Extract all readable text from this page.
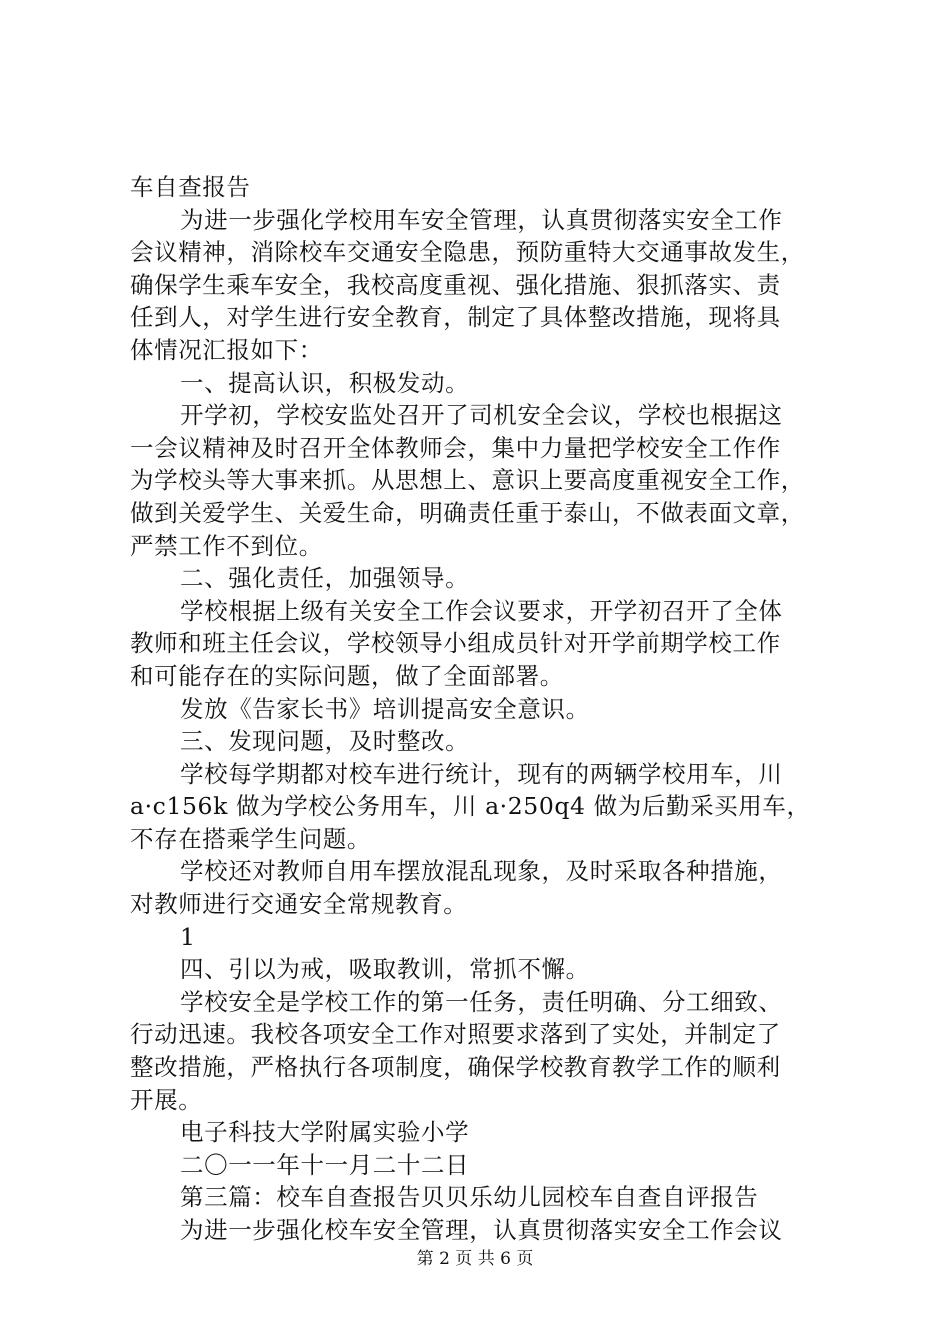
车自查报告
为进一步强化学校用车安全管理，认真贯彻落实安全工作
会议精神，消除校车交通安全隐患，预防重特大交通事故发生，
确保学生乘车安全，我校高度重视、强化措施、狠抓落实、责
任到人，对学生进行安全教育，制定了具体整改措施，现将具
体情况汇报如下：
一、提高认识，积极发动。
开学初，学校安监处召开了司机安全会议，学校也根据这
一会议精神及时召开全体教师会，集中力量把学校安全工作作
为学校头等大事来抓。从思想上、意识上要高度重视安全工作，
做到关爱学生、关爱生命，明确责任重于泰山，不做表面文章，
严禁工作不到位。
二、强化责任，加强领导。
学校根据上级有关安全工作会议要求，开学初召开了全体
教师和班主任会议，学校领导小组成员针对开学前期学校工作
和可能存在的实际问题，做了全面部署。
发放《告家长书》培训提高安全意识。
三、发现问题，及时整改。
学校每学期都对校车进行统计，现有的两辆学校用车，川
a·c156k 做为学校公务用车，川 a·250q4 做为后勤采买用车，
不存在搭乘学生问题。
学校还对教师自用车摆放混乱现象，及时采取各种措施，
对教师进行交通安全常规教育。
1
四、引以为戒，吸取教训，常抓不懈。
学校安全是学校工作的第一任务，责任明确、分工细致、
行动迅速。我校各项安全工作对照要求落到了实处，并制定了
整改措施，严格执行各项制度，确保学校教育教学工作的顺利
开展。
电子科技大学附属实验小学
二〇一一年十一月二十二日
第三篇：校车自查报告贝贝乐幼儿园校车自查自评报告
为进一步强化校车安全管理，认真贯彻落实安全工作会议
第 2 页 共 6 页
